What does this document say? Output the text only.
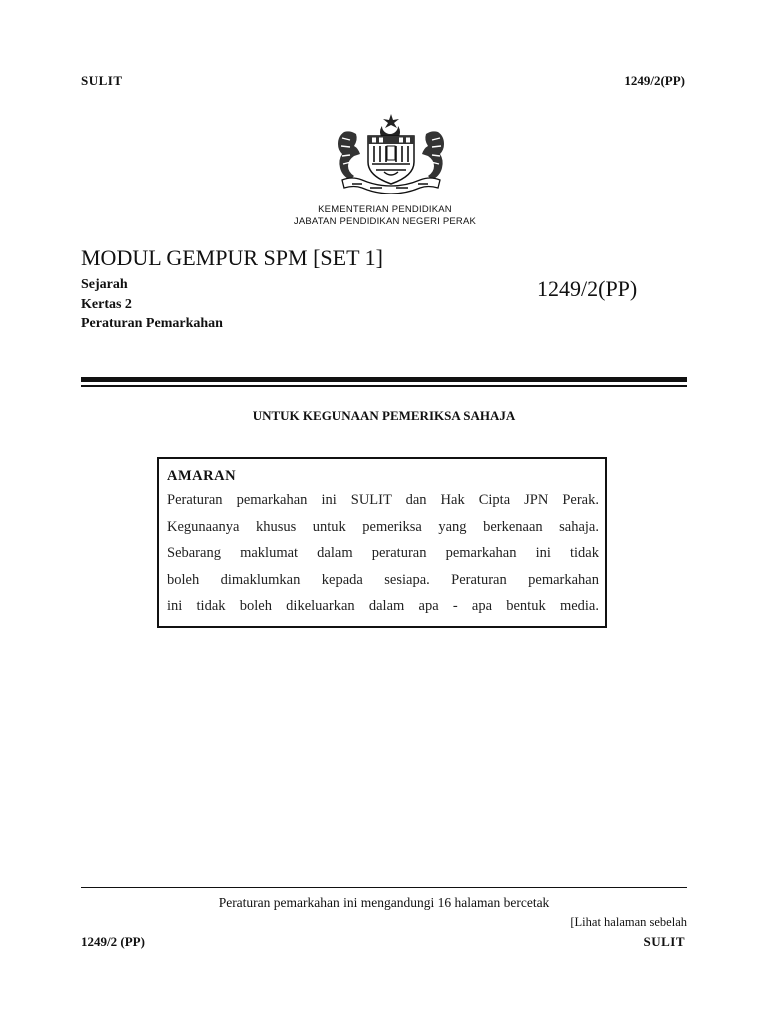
SULIT	1249/2(PP)
KEMENTERIAN PENDIDIKAN
JABATAN PENDIDIKAN NEGERI PERAK
MODUL GEMPUR SPM [SET 1]
Sejarah
Kertas 2
Peraturan Pemarkahan
1249/2(PP)
UNTUK KEGUNAAN PEMERIKSA SAHAJA
AMARAN
Peraturan pemarkahan ini SULIT dan Hak Cipta JPN Perak.
Kegunaanya khusus untuk pemeriksa yang berkenaan sahaja.
Sebarang maklumat dalam peraturan pemarkahan ini tidak
boleh dimaklumkan kepada sesiapa. Peraturan pemarkahan
ini tidak boleh dikeluarkan dalam apa - apa bentuk media.
Peraturan pemarkahan ini mengandungi 16 halaman bercetak
[Lihat halaman sebelah
1249/2 (PP)	SULIT
